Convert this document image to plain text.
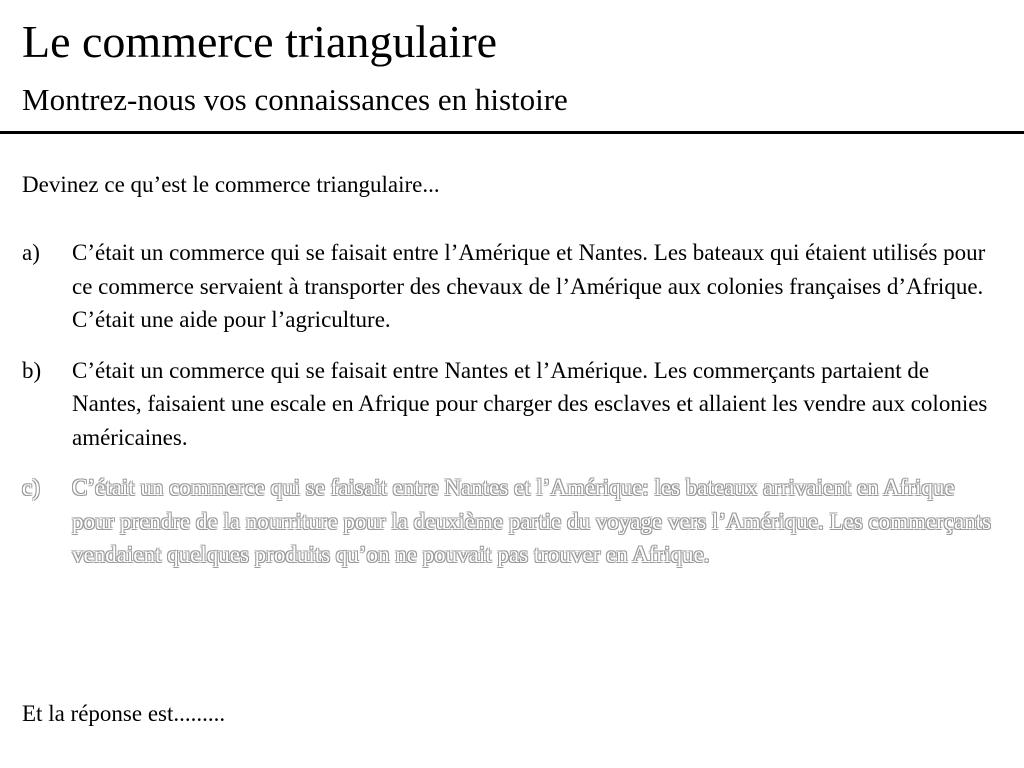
Le commerce triangulaire
Montrez-nous vos connaissances en histoire

Devinez ce qu’est le commerce triangulaire...

a) C’était un commerce qui se faisait entre l’Amérique et Nantes. Les bateaux qui étaient utilisés pour ce commerce servaient à transporter des chevaux de l’Amérique aux colonies françaises d’Afrique. C’était une aide pour l’agriculture.
b) C’était un commerce qui se faisait entre Nantes et l’Amérique. Les commerçants partaient de Nantes, faisaient une escale en Afrique pour charger des esclaves et allaient les vendre aux colonies américaines.
c) C’était un commerce qui se faisait entre Nantes et l’Amérique: les bateaux arrivaient en Afrique pour prendre de la nourriture pour la deuxième partie du voyage vers l’Amérique. Les commerçants vendaient quelques produits qu’on ne pouvait pas trouver en Afrique.

Et la réponse est.........
